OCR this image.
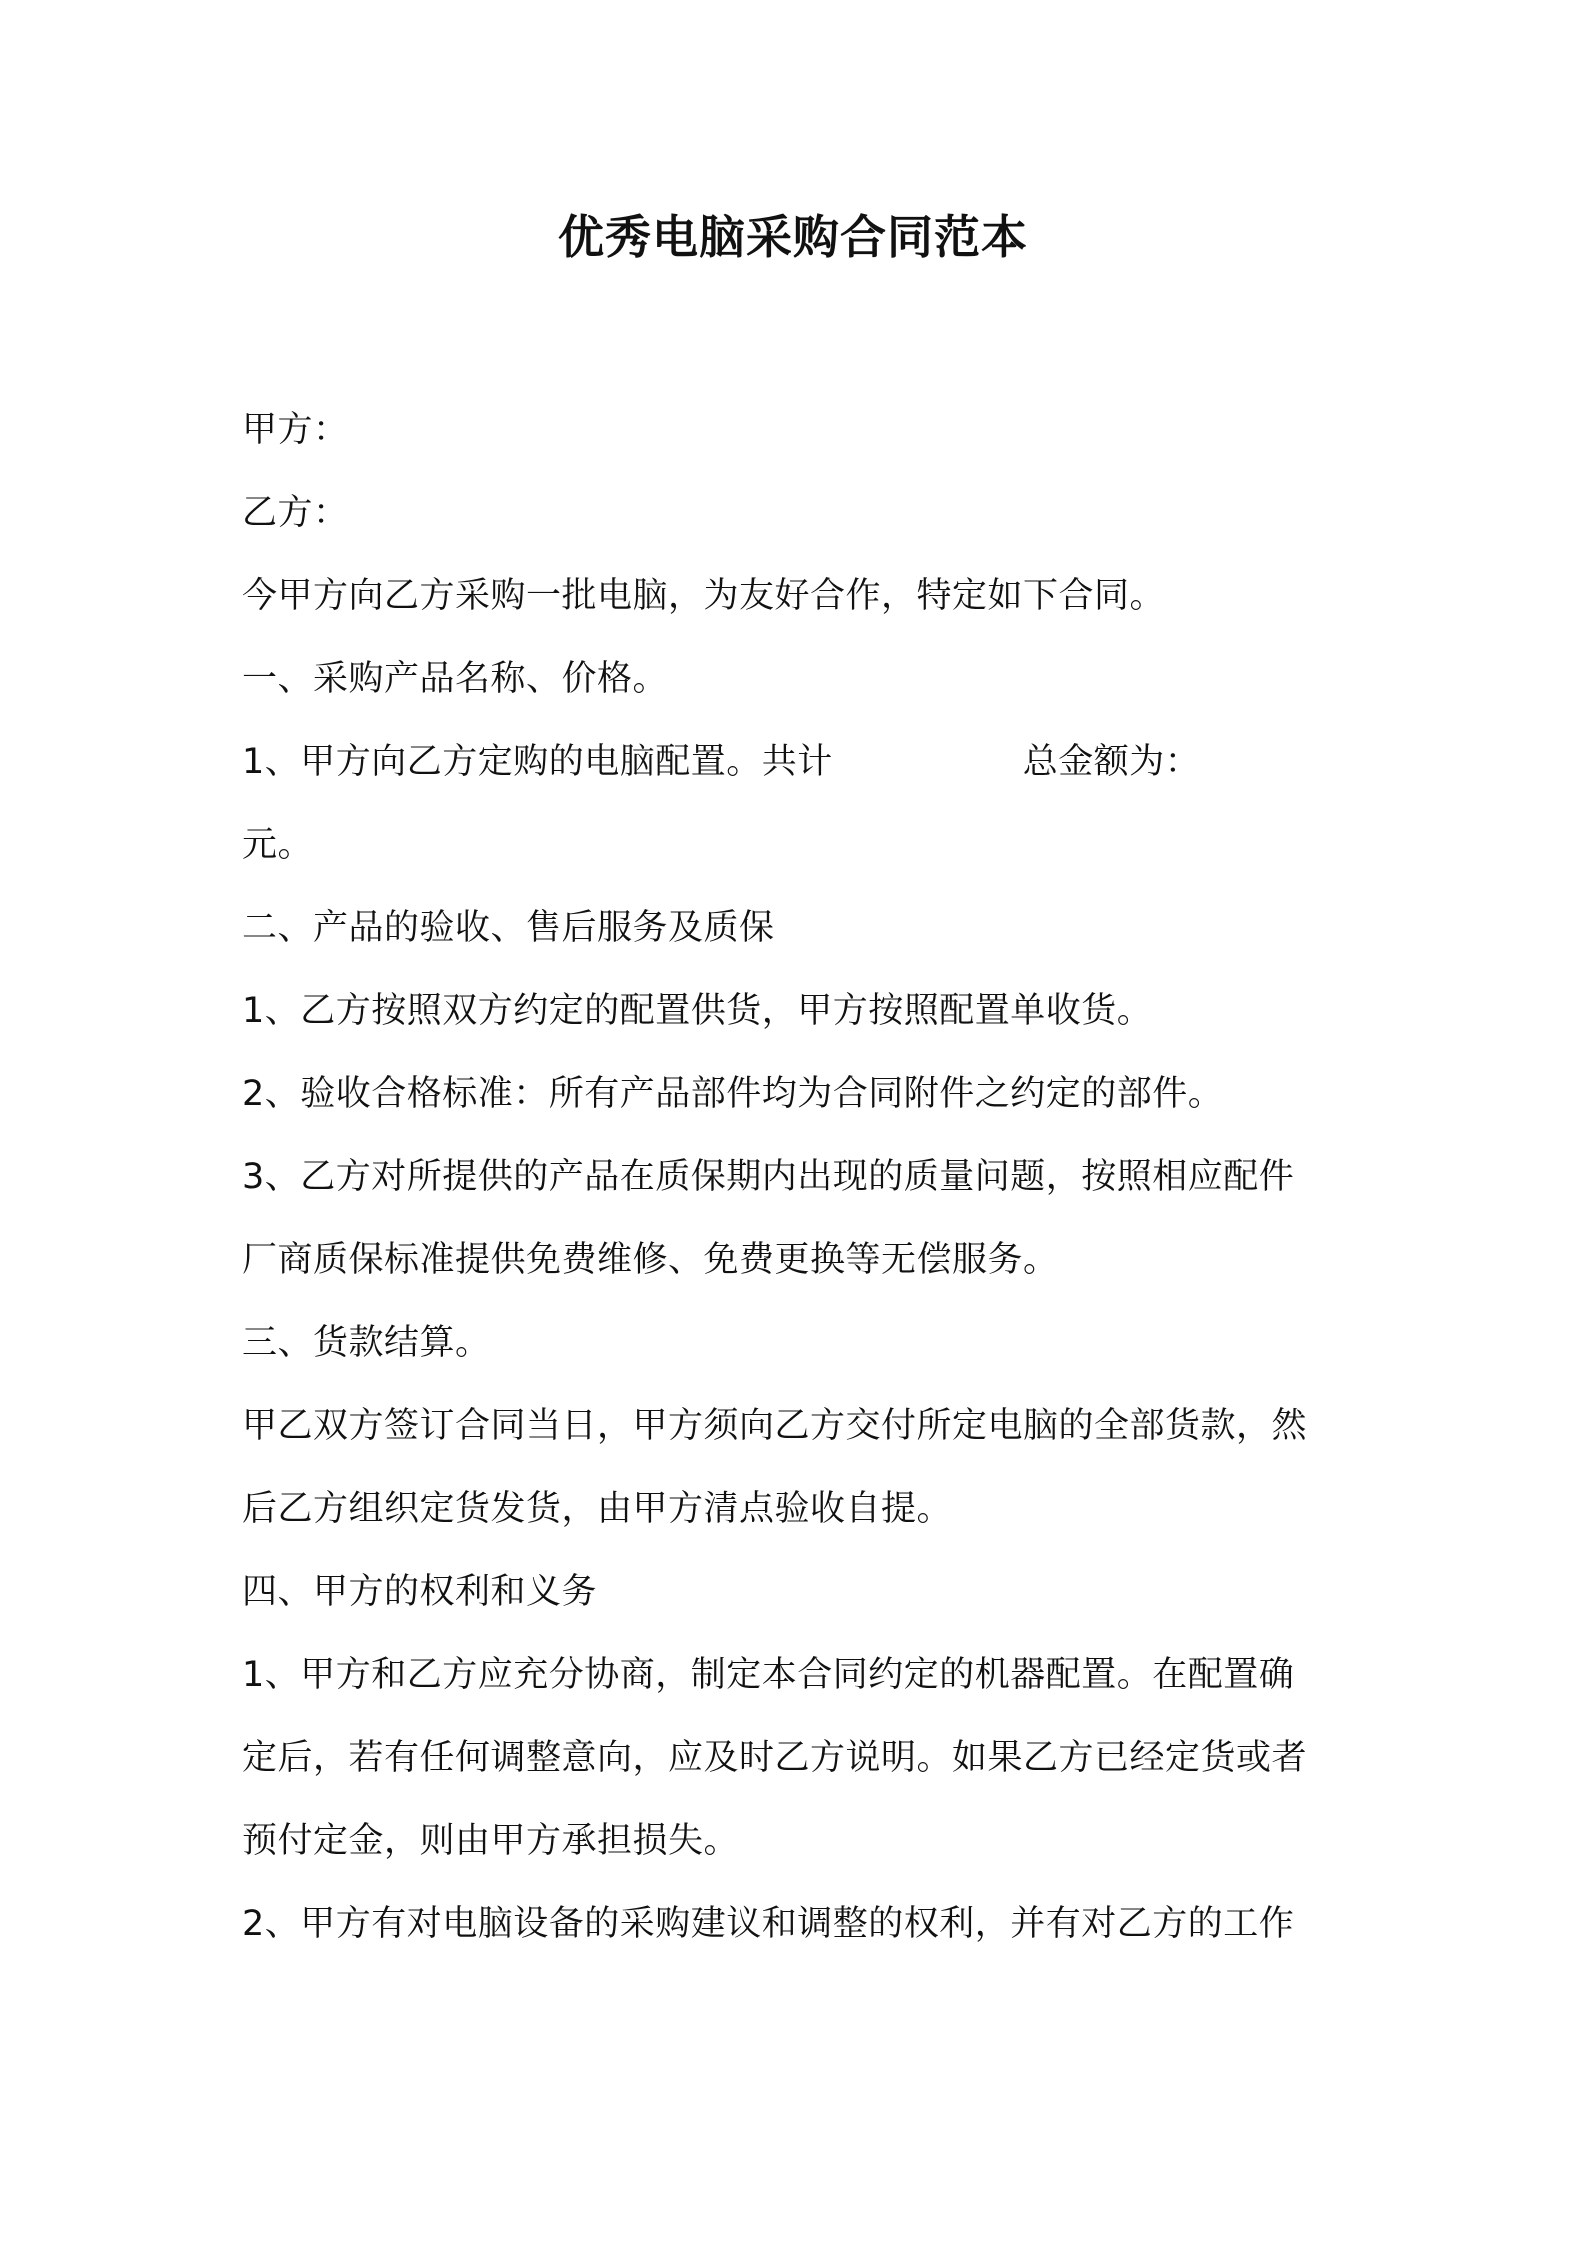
优秀电脑采购合同范本
甲方：
乙方：
今甲方向乙方采购一批电脑，为友好合作，特定如下合同。
一、采购产品名称、价格。
1、甲方向乙方定购的电脑配置。共计	总金额为：
元。
二、产品的验收、售后服务及质保
1、乙方按照双方约定的配置供货，甲方按照配置单收货。
2、验收合格标准：所有产品部件均为合同附件之约定的部件。
3、乙方对所提供的产品在质保期内出现的质量问题，按照相应配件
厂商质保标准提供免费维修、免费更换等无偿服务。
三、货款结算。
甲乙双方签订合同当日，甲方须向乙方交付所定电脑的全部货款，然
后乙方组织定货发货，由甲方清点验收自提。
四、甲方的权利和义务
1、甲方和乙方应充分协商，制定本合同约定的机器配置。在配置确
定后，若有任何调整意向，应及时乙方说明。如果乙方已经定货或者
预付定金，则由甲方承担损失。
2、甲方有对电脑设备的采购建议和调整的权利，并有对乙方的工作
